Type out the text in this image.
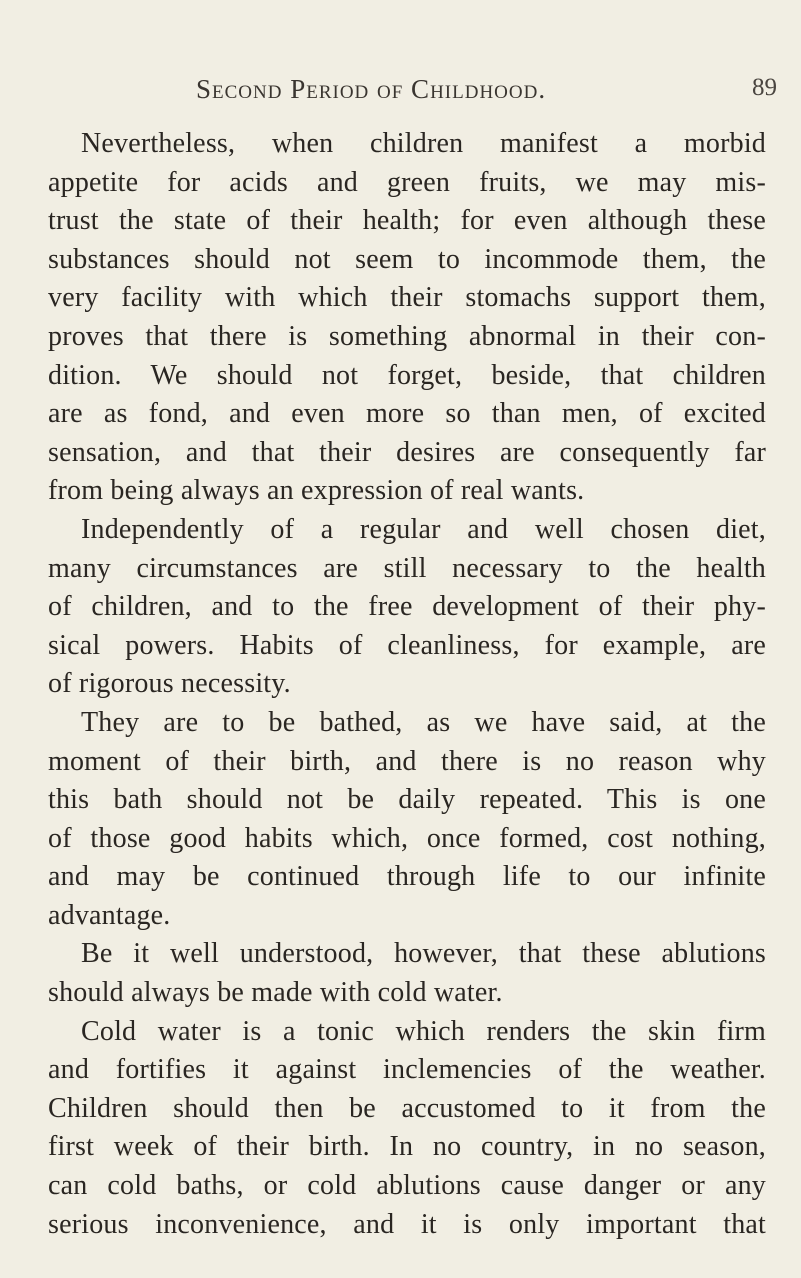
Second Period of Childhood.	89
Nevertheless, when children manifest a morbid
appetite for acids and green fruits, we may mis-
trust the state of their health; for even although these
substances should not seem to incommode them, the
very facility with which their stomachs support them,
proves that there is something abnormal in their con-
dition. We should not forget, beside, that children
are as fond, and even more so than men, of excited
sensation, and that their desires are consequently far
from being always an expression of real wants.
Independently of a regular and well chosen diet,
many circumstances are still necessary to the health
of children, and to the free development of their phy-
sical powers. Habits of cleanliness, for example, are
of rigorous necessity.
They are to be bathed, as we have said, at the
moment of their birth, and there is no reason why
this bath should not be daily repeated. This is one
of those good habits which, once formed, cost nothing,
and may be continued through life to our infinite
advantage.
Be it well understood, however, that these ablutions
should always be made with cold water.
Cold water is a tonic which renders the skin firm
and fortifies it against inclemencies of the weather.
Children should then be accustomed to it from the
first week of their birth. In no country, in no season,
can cold baths, or cold ablutions cause danger or any
serious inconvenience, and it is only important that
